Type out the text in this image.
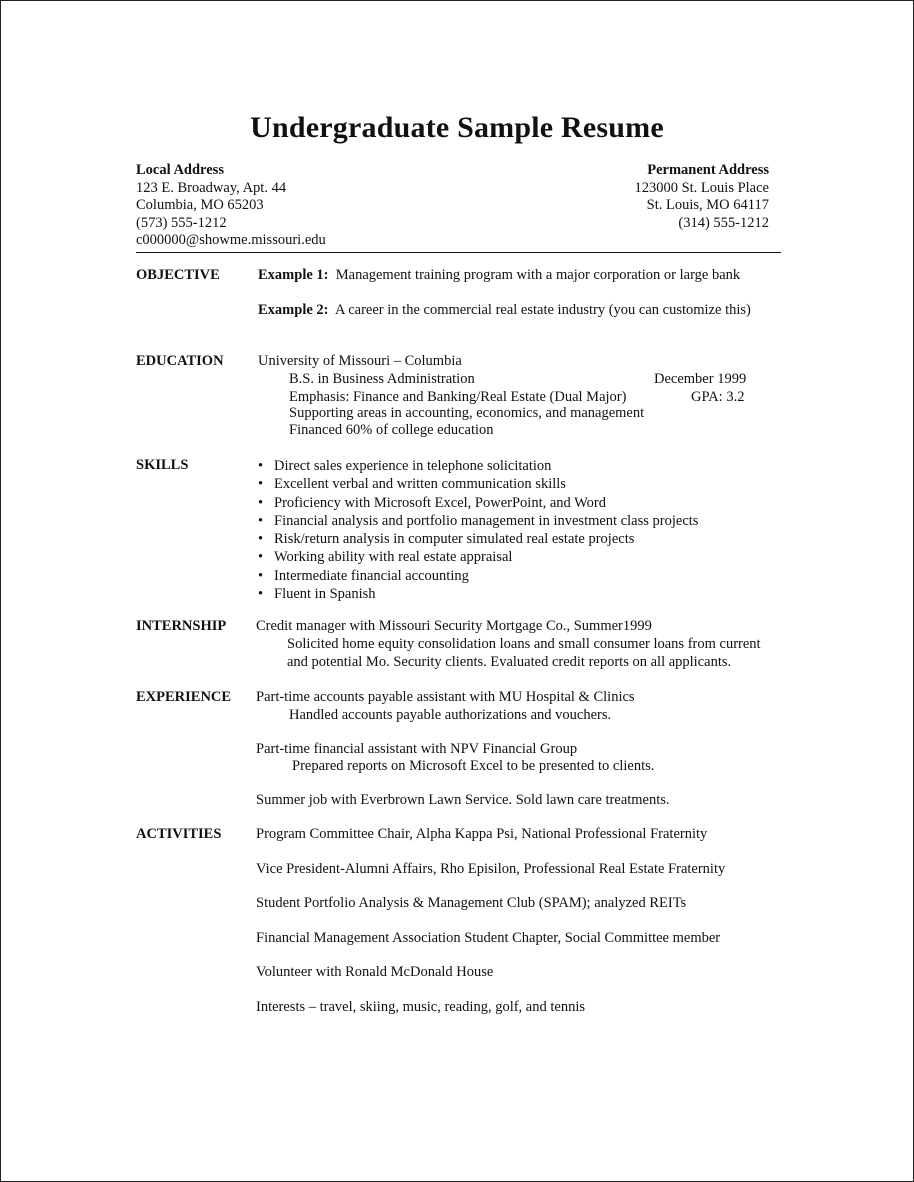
Undergraduate Sample Resume
Local Address
123 E. Broadway, Apt. 44
Columbia, MO 65203
(573) 555-1212
c000000@showme.missouri.edu
Permanent Address
123000 St. Louis Place
St. Louis, MO 64117
(314) 555-1212
OBJECTIVE	Example 1: Management training program with a major corporation or large bank
Example 2: A career in the commercial real estate industry (you can customize this)
EDUCATION University of Missouri – Columbia
B.S. in Business Administration	December 1999
Emphasis: Finance and Banking/Real Estate (Dual Major)	GPA: 3.2
Supporting areas in accounting, economics, and management
Financed 60% of college education
SKILLS	• Direct sales experience in telephone solicitation
• Excellent verbal and written communication skills
• Proficiency with Microsoft Excel, PowerPoint, and Word
• Financial analysis and portfolio management in investment class projects
• Risk/return analysis in computer simulated real estate projects
• Working ability with real estate appraisal
• Intermediate financial accounting
• Fluent in Spanish
INTERNSHIP Credit manager with Missouri Security Mortgage Co., Summer1999
Solicited home equity consolidation loans and small consumer loans from current
and potential Mo. Security clients. Evaluated credit reports on all applicants.
EXPERIENCE Part-time accounts payable assistant with MU Hospital & Clinics
Handled accounts payable authorizations and vouchers.
Part-time financial assistant with NPV Financial Group
Prepared reports on Microsoft Excel to be presented to clients.
Summer job with Everbrown Lawn Service. Sold lawn care treatments.
ACTIVITIES Program Committee Chair, Alpha Kappa Psi, National Professional Fraternity
Vice President-Alumni Affairs, Rho Episilon, Professional Real Estate Fraternity
Student Portfolio Analysis & Management Club (SPAM); analyzed REITs
Financial Management Association Student Chapter, Social Committee member
Volunteer with Ronald McDonald House
Interests – travel, skiing, music, reading, golf, and tennis
